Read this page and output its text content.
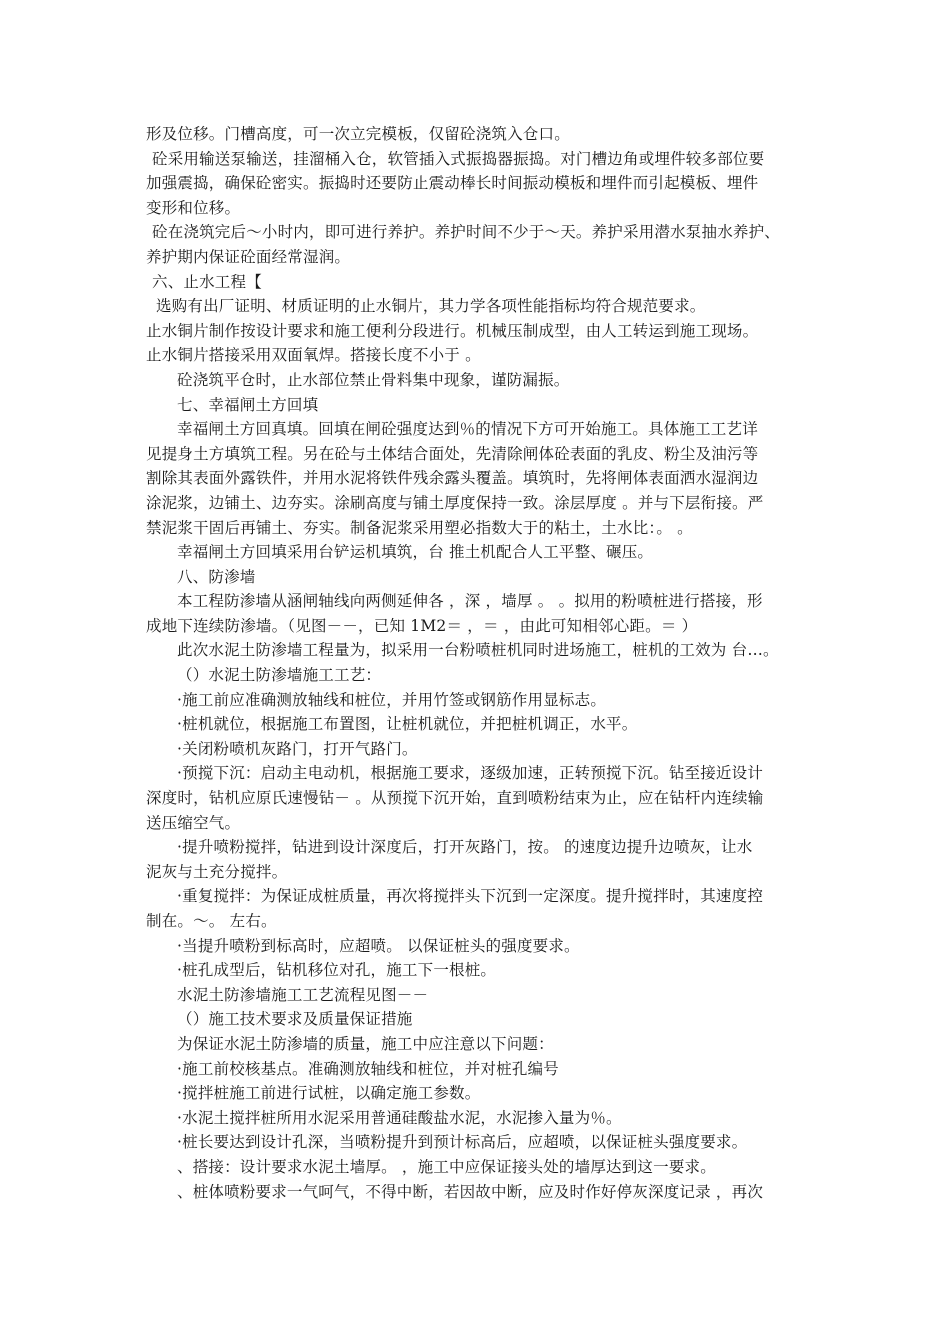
形及位移。门槽高度，可一次立完模板，仅留砼浇筑入仓口。
砼采用输送泵输送，挂溜桶入仓，软管插入式振捣器振捣。对门槽边角或埋件较多部位要
加强震捣，确保砼密实。振捣时还要防止震动棒长时间振动模板和埋件而引起模板、埋件
变形和位移。
砼在浇筑完后～小时内，即可进行养护。养护时间不少于～天。养护采用潜水泵抽水养护、
养护期内保证砼面经常湿润。
六、止水工程【
选购有出厂证明、材质证明的止水铜片，其力学各项性能指标均符合规范要求。
止水铜片制作按设计要求和施工便利分段进行。机械压制成型，由人工转运到施工现场。
止水铜片搭接采用双面氧焊。搭接长度不小于 。
砼浇筑平仓时，止水部位禁止骨料集中现象，谨防漏振。
七、幸福闸土方回填
幸福闸土方回真填。回填在闸砼强度达到％的情况下方可开始施工。具体施工工艺详
见提身土方填筑工程。另在砼与土体结合面处，先清除闸体砼表面的乳皮、粉尘及油污等
割除其表面外露铁件，并用水泥将铁件残余露头覆盖。填筑时，先将闸体表面洒水湿润边
涂泥浆，边铺土、边夯实。涂刷高度与铺土厚度保持一致。涂层厚度 。并与下层衔接。严
禁泥浆干固后再铺土、夯实。制备泥浆采用塑必指数大于的粘土，土水比：。 。
幸福闸土方回填采用台铲运机填筑，台 推土机配合人工平整、碾压。
八、防渗墙
本工程防渗墙从涵闸轴线向两侧延伸各 ，深 ，墙厚 。 。拟用的粉喷桩进行搭接，形
成地下连续防渗墙。（见图－－，已知 1M2＝ ，＝ ，由此可知相邻心距。＝ ）
此次水泥土防渗墙工程量为，拟采用一台粉喷桩机同时进场施工，桩机的工效为 台…。
（）水泥土防渗墙施工工艺：
·施工前应准确测放轴线和桩位，并用竹签或钢筋作用显标志。
·桩机就位，根据施工布置图，让桩机就位，并把桩机调正，水平。
·关闭粉喷机灰路门，打开气路门。
·预搅下沉：启动主电动机，根据施工要求，逐级加速，正转预搅下沉。钻至接近设计
深度时，钻机应原氏速慢钻－ 。从预搅下沉开始，直到喷粉结束为止，应在钻杆内连续输
送压缩空气。
·提升喷粉搅拌，钻进到设计深度后，打开灰路门，按。 的速度边提升边喷灰，让水
泥灰与土充分搅拌。
·重复搅拌：为保证成桩质量，再次将搅拌头下沉到一定深度。提升搅拌时，其速度控
制在。～。 左右。
·当提升喷粉到标高时，应超喷。 以保证桩头的强度要求。
·桩孔成型后，钻机移位对孔，施工下一根桩。
水泥土防渗墙施工工艺流程见图－－
（）施工技术要求及质量保证措施
为保证水泥土防渗墙的质量，施工中应注意以下问题：
·施工前校核基点。准确测放轴线和桩位，并对桩孔编号
·搅拌桩施工前进行试桩，以确定施工参数。
·水泥土搅拌桩所用水泥采用普通硅酸盐水泥，水泥掺入量为％。
·桩长要达到设计孔深，当喷粉提升到预计标高后，应超喷，以保证桩头强度要求。
、搭接：设计要求水泥土墙厚。 ，施工中应保证接头处的墙厚达到这一要求。
、桩体喷粉要求一气呵气，不得中断，若因故中断，应及时作好停灰深度记录 ，再次
